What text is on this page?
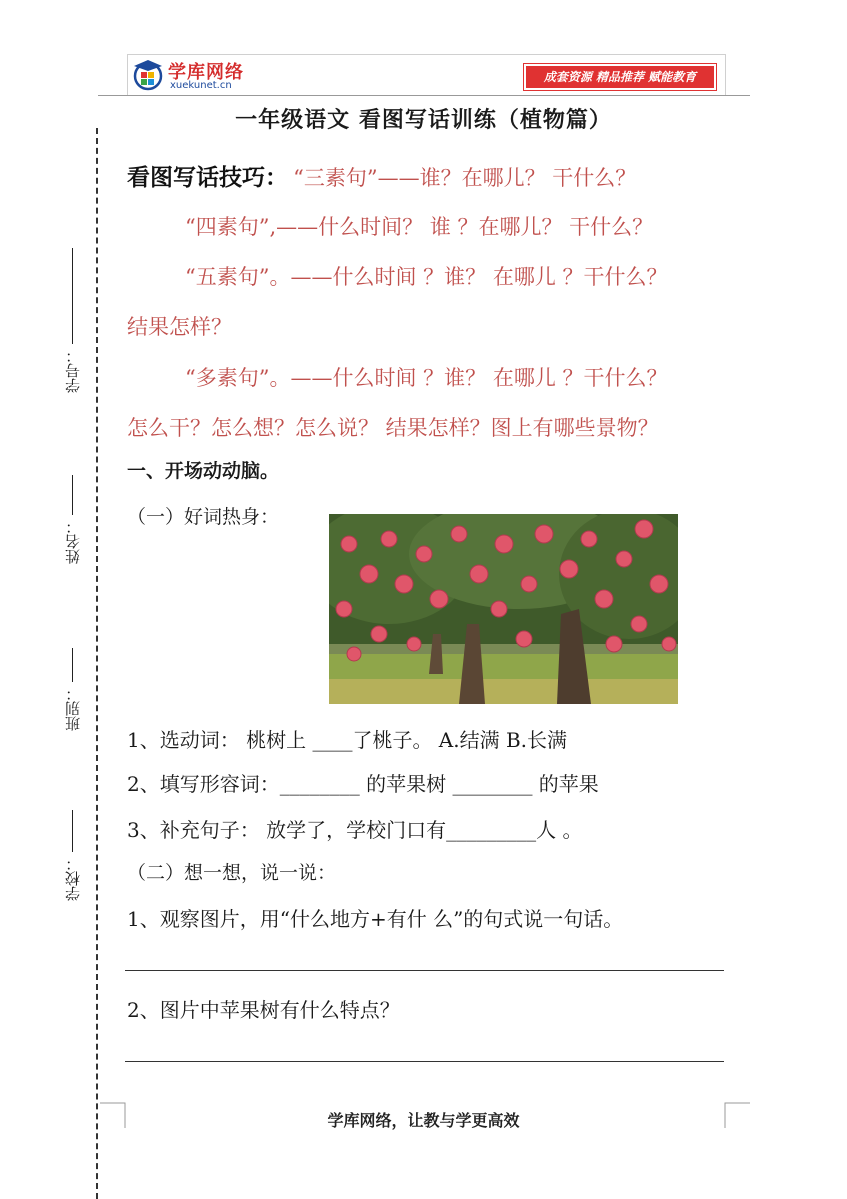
学校：
班别：
姓名：
学号：
学库网络
xuekunet.cn
成套资源 精品推荐 赋能教育
一年级语文 看图写话训练（植物篇）
看图写话技巧： “三素句”——谁？在哪儿？ 干什么？
“四素句”,——什么时间？ 谁 ？在哪儿？ 干什么？
“五素句”。——什么时间 ？谁？ 在哪儿 ？干什么？
结果怎样？
“多素句”。——什么时间 ？谁？ 在哪儿 ？干什么？
怎么干？怎么想？怎么说？ 结果怎样？图上有哪些景物？
一、开场动动脑。
（一）好词热身：
1、选动词： 桃树上 ____了桃子。 A.结满 B.长满
2、填写形容词：________ 的苹果树 ________ 的苹果
3、补充句子： 放学了，学校门口有_________人 。
（二）想一想，说一说：
1、观察图片，用“什么地方+有什 么”的句式说一句话。
2、图片中苹果树有什么特点？
学库网络，让教与学更高效
